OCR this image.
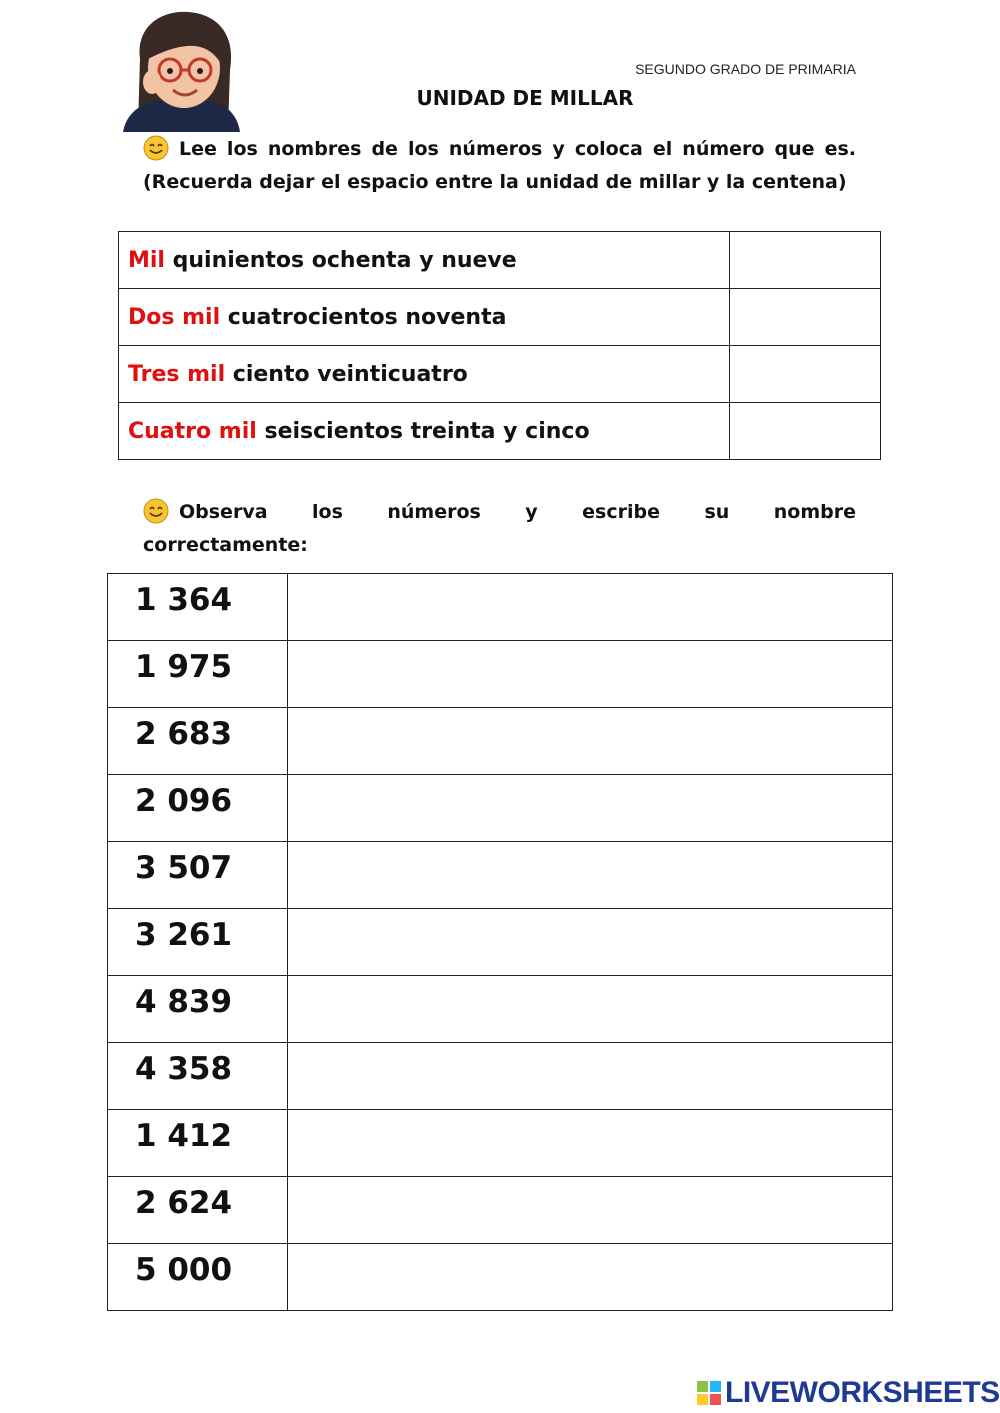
SEGUNDO GRADO DE PRIMARIA
UNIDAD DE MILLAR
Lee los nombres de los números y coloca el número que es. (Recuerda dejar el espacio entre la unidad de millar y la centena)
Mil quinientos ochenta y nueve	
Dos mil cuatrocientos noventa	
Tres mil ciento veinticuatro	
Cuatro mil seiscientos treinta y cinco	
Observa los números y escribe su nombre correctamente:
1 364	
1 975	
2 683	
2 096	
3 507	
3 261	
4 839	
4 358	
1 412	
2 624	
5 000	
LIVEWORKSHEETS
